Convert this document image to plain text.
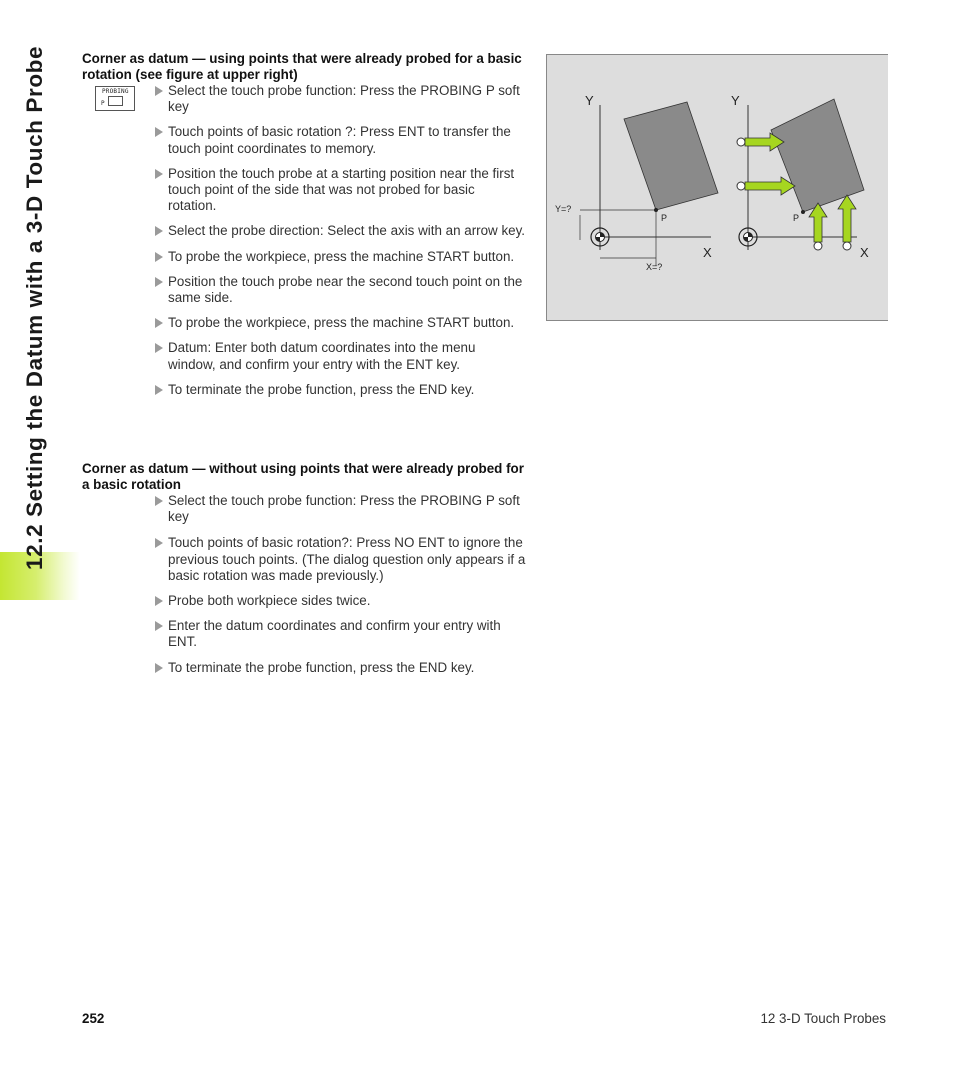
12.2 Setting the Datum with a 3-D Touch Probe	Corner as datum — using points that were already probed for a basic rotation (see figure at upper right)
PROBING
P
Select the touch probe function: Press the PROBING P soft key
Touch points of basic rotation ?: Press ENT to transfer the touch point coordinates to memory.
Position the touch probe at a starting position near the first touch point of the side that was not probed for basic rotation.
Select the probe direction: Select the axis with an arrow key.
To probe the workpiece, press the machine START button.
Position the touch probe near the second touch point on the same side.
To probe the workpiece, press the machine START button.
Datum: Enter both datum coordinates into the menu window, and confirm your entry with the ENT key.
To terminate the probe function, press the END key.
Corner as datum — without using points that were already probed for a basic rotation
Select the touch probe function: Press the PROBING P soft key
Touch points of basic rotation?: Press NO ENT to ignore the previous touch points. (The dialog question only appears if a basic rotation was made previously.)
Probe both workpiece sides twice.
Enter the datum coordinates and confirm your entry with ENT.
To terminate the probe function, press the END key.
Y
X
Y=?
X=?
P
Y
X
P
252	12 3-D Touch Probes
